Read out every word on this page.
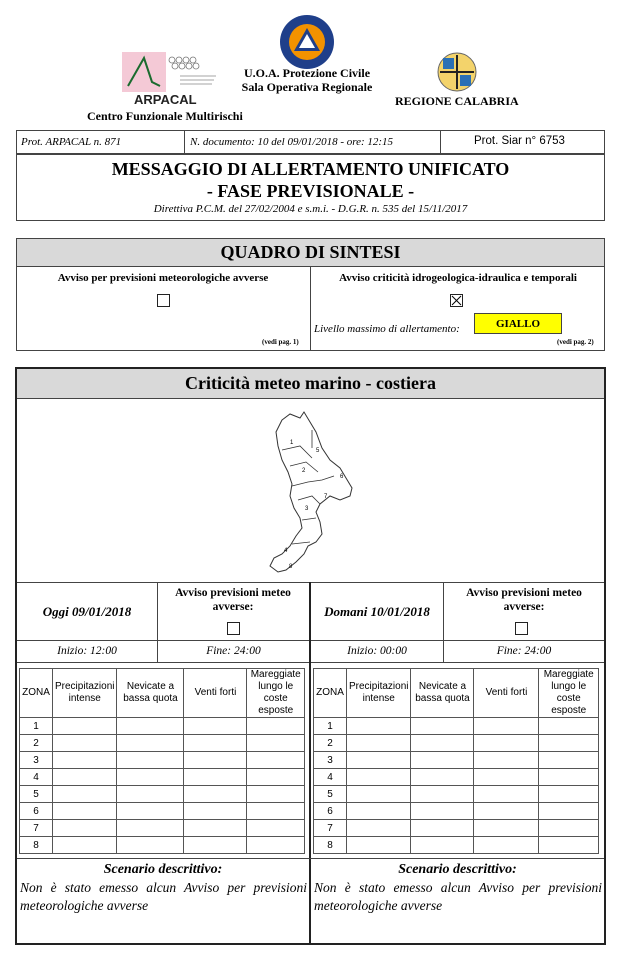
ARPACAL
Centro Funzionale Multirischi
U.O.A. Protezione Civile
Sala Operativa Regionale
REGIONE CALABRIA
Prot. ARPACAL n. 871	N. documento: 10 del 09/01/2018 - ore: 12:15	Prot. Siar n° 6753
MESSAGGIO DI ALLERTAMENTO UNIFICATO
- FASE PREVISIONALE -
Direttiva P.C.M. del 27/02/2004 e s.m.i. - D.G.R. n. 535 del 15/11/2017
QUADRO DI SINTESI
Avviso per previsioni meteorologiche avverse
(vedi pag. 1)
Avviso criticità idrogeologica-idraulica e temporali
Livello massimo di allertamento:	GIALLO
(vedi pag. 2)
Criticità meteo marino - costiera
1
2
3
4
5
6
7
8
Oggi 09/01/2018
Avviso previsioni meteo avverse:
Inizio: 12:00	Fine: 24:00
Domani 10/01/2018
Avviso previsioni meteo avverse:
Inizio: 00:00	Fine: 24:00
ZONA	Precipitazioni intense	Nevicate a bassa quota	Venti forti	Mareggiate lungo le coste esposte
1				
2				
3				
4				
5				
6				
7				
8				
ZONA	Precipitazioni intense	Nevicate a bassa quota	Venti forti	Mareggiate lungo le coste esposte
1				
2				
3				
4				
5				
6				
7				
8				
Scenario descrittivo:
Non è stato emesso alcun Avviso per previsioni meteorologiche avverse
Scenario descrittivo:
Non è stato emesso alcun Avviso per previsioni meteorologiche avverse
